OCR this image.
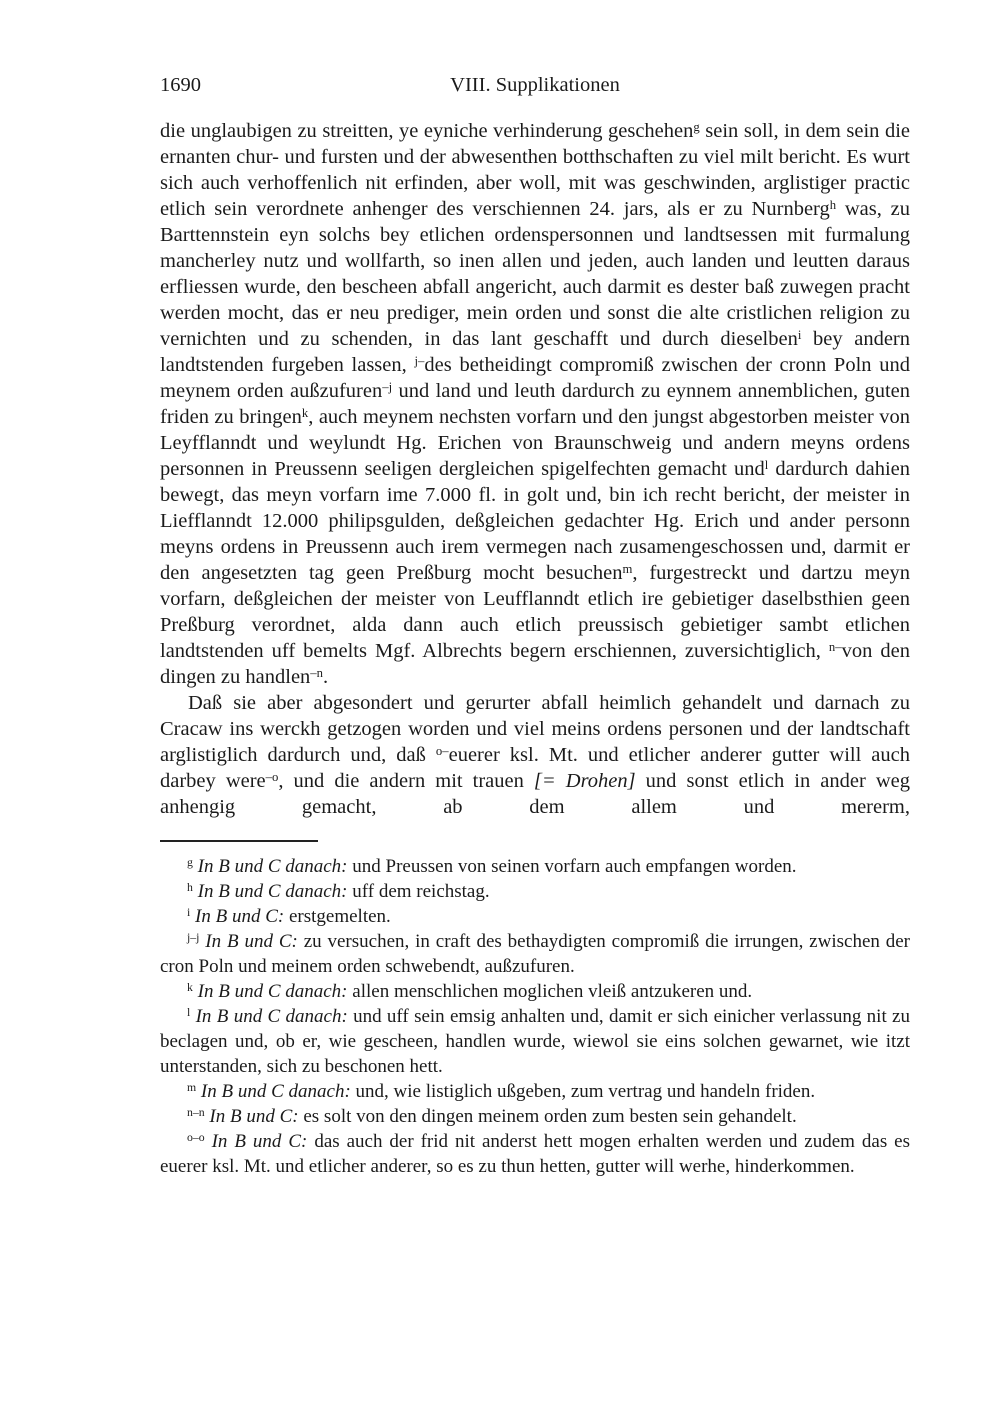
1690	VIII. Supplikationen

die unglaubigen zu streitten, ye eyniche verhinderung geschehen$^g$ sein soll, in dem sein die ernanten chur- und fursten und der abwesenthen botthschaften zu viel milt bericht. Es wurt sich auch verhoffenlich nit erfinden, aber woll, mit was geschwinden, arglistiger practic etlich sein verordnete anhenger des verschiennen 24. jars, als er zu Nurnberg$^h$ was, zu Barttennstein eyn solchs bey etlichen ordenspersonnen und landtsessen mit furmalung mancherley nutz und wollfarth, so inen allen und jeden, auch landen und leutten daraus erfliessen wurde, den bescheen abfall angericht, auch darmit es dester baß zuwegen pracht werden mocht, das er neu prediger, mein orden und sonst die alte cristlichen religion zu vernichten und zu schenden, in das lant geschafft und durch dieselben$^i$ bey andern landtstenden furgeben lassen, $^{j-}$des betheidingt compromiß zwischen der cronn Poln und meynem orden außzufuren$^{-j}$ und land und leuth dardurch zu eynnem annemblichen, guten friden zu bringen$^k$, auch meynem nechsten vorfarn und den jungst abgestorben meister von Leyfflanndt und weylundt Hg. Erichen von Braunschweig und andern meyns ordens personnen in Preussenn seeligen dergleichen spigelfechten gemacht und$^l$ dardurch dahien bewegt, das meyn vorfarn ime 7.000 fl. in golt und, bin ich recht bericht, der meister in Liefflanndt 12.000 philipsgulden, deßgleichen gedachter Hg. Erich und ander personn meyns ordens in Preussenn auch irem vermegen nach zusamengeschossen und, darmit er den angesetzten tag geen Preßburg mocht besuchen$^m$, furgestreckt und dartzu meyn vorfarn, deßgleichen der meister von Leufflanndt etlich ire gebietiger daselbsthien geen Preßburg verordnet, alda dann auch etlich preussisch gebietiger sambt etlichen landtstenden uff bemelts Mgf. Albrechts begern erschiennen, zuversichtiglich, $^{n-}$von den dingen zu handlen$^{-n}$.

Daß sie aber abgesondert und gerurter abfall heimlich gehandelt und darnach zu Cracaw ins werckh getzogen worden und viel meins ordens personen und der landtschaft arglistiglich dardurch und, daß $^{o-}$euerer ksl. Mt. und etlicher anderer gutter will auch darbey were$^{-o}$, und die andern mit trauen [= Drohen] und sonst etlich in ander weg anhengig gemacht, ab dem allem und mererm,

$^g$ In B und C danach: und Preussen von seinen vorfarn auch empfangen worden.

$^h$ In B und C danach: uff dem reichstag.

$^i$ In B und C: erstgemelten.

$^{j-j}$ In B und C: zu versuchen, in craft des bethaydigten compromiß die irrungen, zwischen der cron Poln und meinem orden schwebendt, außzufuren.

$^k$ In B und C danach: allen menschlichen moglichen vleiß antzukeren und.

$^l$ In B und C danach: und uff sein emsig anhalten und, damit er sich einicher verlassung nit zu beclagen und, ob er, wie gescheen, handlen wurde, wiewol sie eins solchen gewarnet, wie itzt unterstanden, sich zu beschonen hett.

$^m$ In B und C danach: und, wie listiglich ußgeben, zum vertrag und handeln friden.

$^{n-n}$ In B und C: es solt von den dingen meinem orden zum besten sein gehandelt.

$^{o-o}$ In B und C: das auch der frid nit anderst hett mogen erhalten werden und zudem das es euerer ksl. Mt. und etlicher anderer, so es zu thun hetten, gutter will werhe, hinderkommen.
